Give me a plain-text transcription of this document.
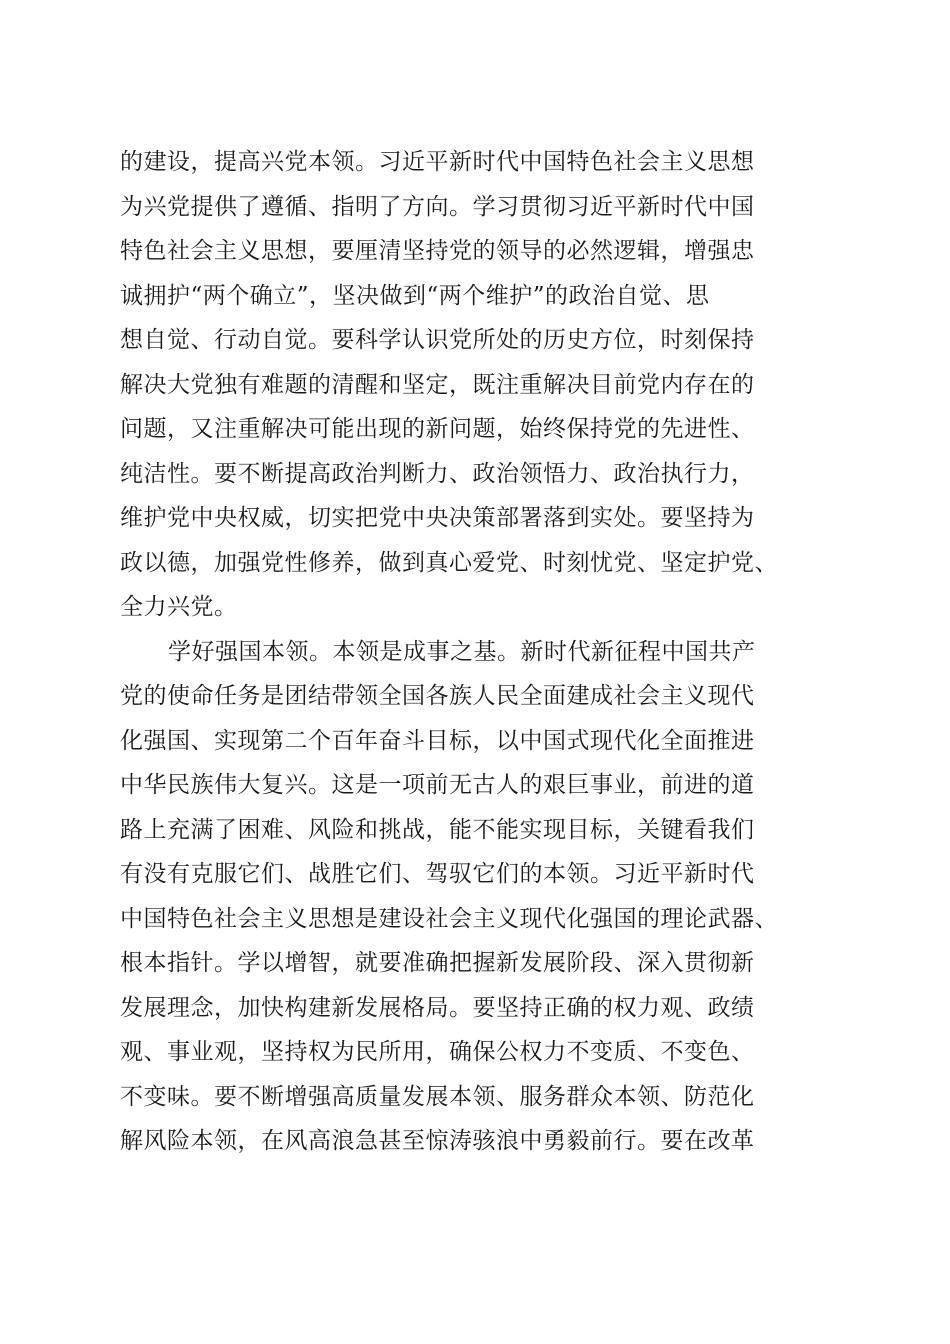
的建设，提高兴党本领。习近平新时代中国特色社会主义思想
为兴党提供了遵循、指明了方向。学习贯彻习近平新时代中国
特色社会主义思想，要厘清坚持党的领导的必然逻辑，增强忠
诚拥护“两个确立”，坚决做到“两个维护”的政治自觉、思
想自觉、行动自觉。要科学认识党所处的历史方位，时刻保持
解决大党独有难题的清醒和坚定，既注重解决目前党内存在的
问题，又注重解决可能出现的新问题，始终保持党的先进性、
纯洁性。要不断提高政治判断力、政治领悟力、政治执行力，
维护党中央权威，切实把党中央决策部署落到实处。要坚持为
政以德，加强党性修养，做到真心爱党、时刻忧党、坚定护党、
全力兴党。
学好强国本领。本领是成事之基。新时代新征程中国共产
党的使命任务是团结带领全国各族人民全面建成社会主义现代
化强国、实现第二个百年奋斗目标，以中国式现代化全面推进
中华民族伟大复兴。这是一项前无古人的艰巨事业，前进的道
路上充满了困难、风险和挑战，能不能实现目标，关键看我们
有没有克服它们、战胜它们、驾驭它们的本领。习近平新时代
中国特色社会主义思想是建设社会主义现代化强国的理论武器、
根本指针。学以增智，就要准确把握新发展阶段、深入贯彻新
发展理念，加快构建新发展格局。要坚持正确的权力观、政绩
观、事业观，坚持权为民所用，确保公权力不变质、不变色、
不变味。要不断增强高质量发展本领、服务群众本领、防范化
解风险本领，在风高浪急甚至惊涛骇浪中勇毅前行。要在改革
